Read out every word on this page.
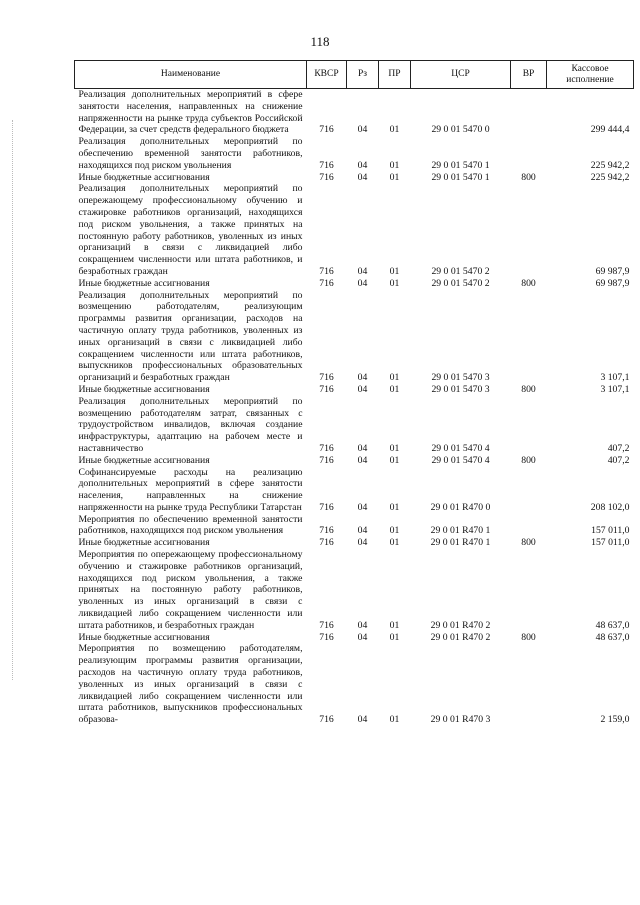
118
Наименование	КВСР	Рз	ПР	ЦСР	ВР	Кассовое исполнение
Реализация дополнительных мероприятий в сфере занятости населения, направленных на снижение напряженности на рынке труда субъектов Российской Федерации, за счет средств федерального бюджета	716	04	01	29 0 01 5470 0		299 444,4
Реализация дополнительных мероприятий по обеспечению временной занятости работников, находящихся под риском увольнения	716	04	01	29 0 01 5470 1		225 942,2
Иные бюджетные ассигнования	716	04	01	29 0 01 5470 1	800	225 942,2
Реализация дополнительных мероприятий по опережающему профессиональному обучению и стажировке работников организаций, находящихся под риском увольнения, а также принятых на постоянную работу работников, уволенных из иных организаций в связи с ликвидацией либо сокращением численности или штата работников, и безработных граждан	716	04	01	29 0 01 5470 2		69 987,9
Иные бюджетные ассигнования	716	04	01	29 0 01 5470 2	800	69 987,9
Реализация дополнительных мероприятий по возмещению работодателям, реализующим программы развития организации, расходов на частичную оплату труда работников, уволенных из иных организаций в связи с ликвидацией либо сокращением численности или штата работников, выпускников профессиональных образовательных организаций и безработных граждан	716	04	01	29 0 01 5470 3		3 107,1
Иные бюджетные ассигнования	716	04	01	29 0 01 5470 3	800	3 107,1
Реализация дополнительных мероприятий по возмещению работодателям затрат, связанных с трудоустройством инвалидов, включая создание инфраструктуры, адаптацию на рабочем месте и наставничество	716	04	01	29 0 01 5470 4		407,2
Иные бюджетные ассигнования	716	04	01	29 0 01 5470 4	800	407,2
Софинансируемые расходы на реализацию дополнительных мероприятий в сфере занятости населения, направленных на снижение напряженности на рынке труда Республики Татарстан	716	04	01	29 0 01 R470 0		208 102,0
Мероприятия по обеспечению временной занятости работников, находящихся под риском увольнения	716	04	01	29 0 01 R470 1		157 011,0
Иные бюджетные ассигнования	716	04	01	29 0 01 R470 1	800	157 011,0
Мероприятия по опережающему профессиональному обучению и стажировке работников организаций, находящихся под риском увольнения, а также принятых на постоянную работу работников, уволенных из иных организаций в связи с ликвидацией либо сокращением численности или штата работников, и безработных граждан	716	04	01	29 0 01 R470 2		48 637,0
Иные бюджетные ассигнования	716	04	01	29 0 01 R470 2	800	48 637,0
Мероприятия по возмещению работодателям, реализующим программы развития организации, расходов на частичную оплату труда работников, уволенных из иных организаций в связи с ликвидацией либо сокращением численности или штата работников, выпускников профессиональных образова-	716	04	01	29 0 01 R470 3		2 159,0
